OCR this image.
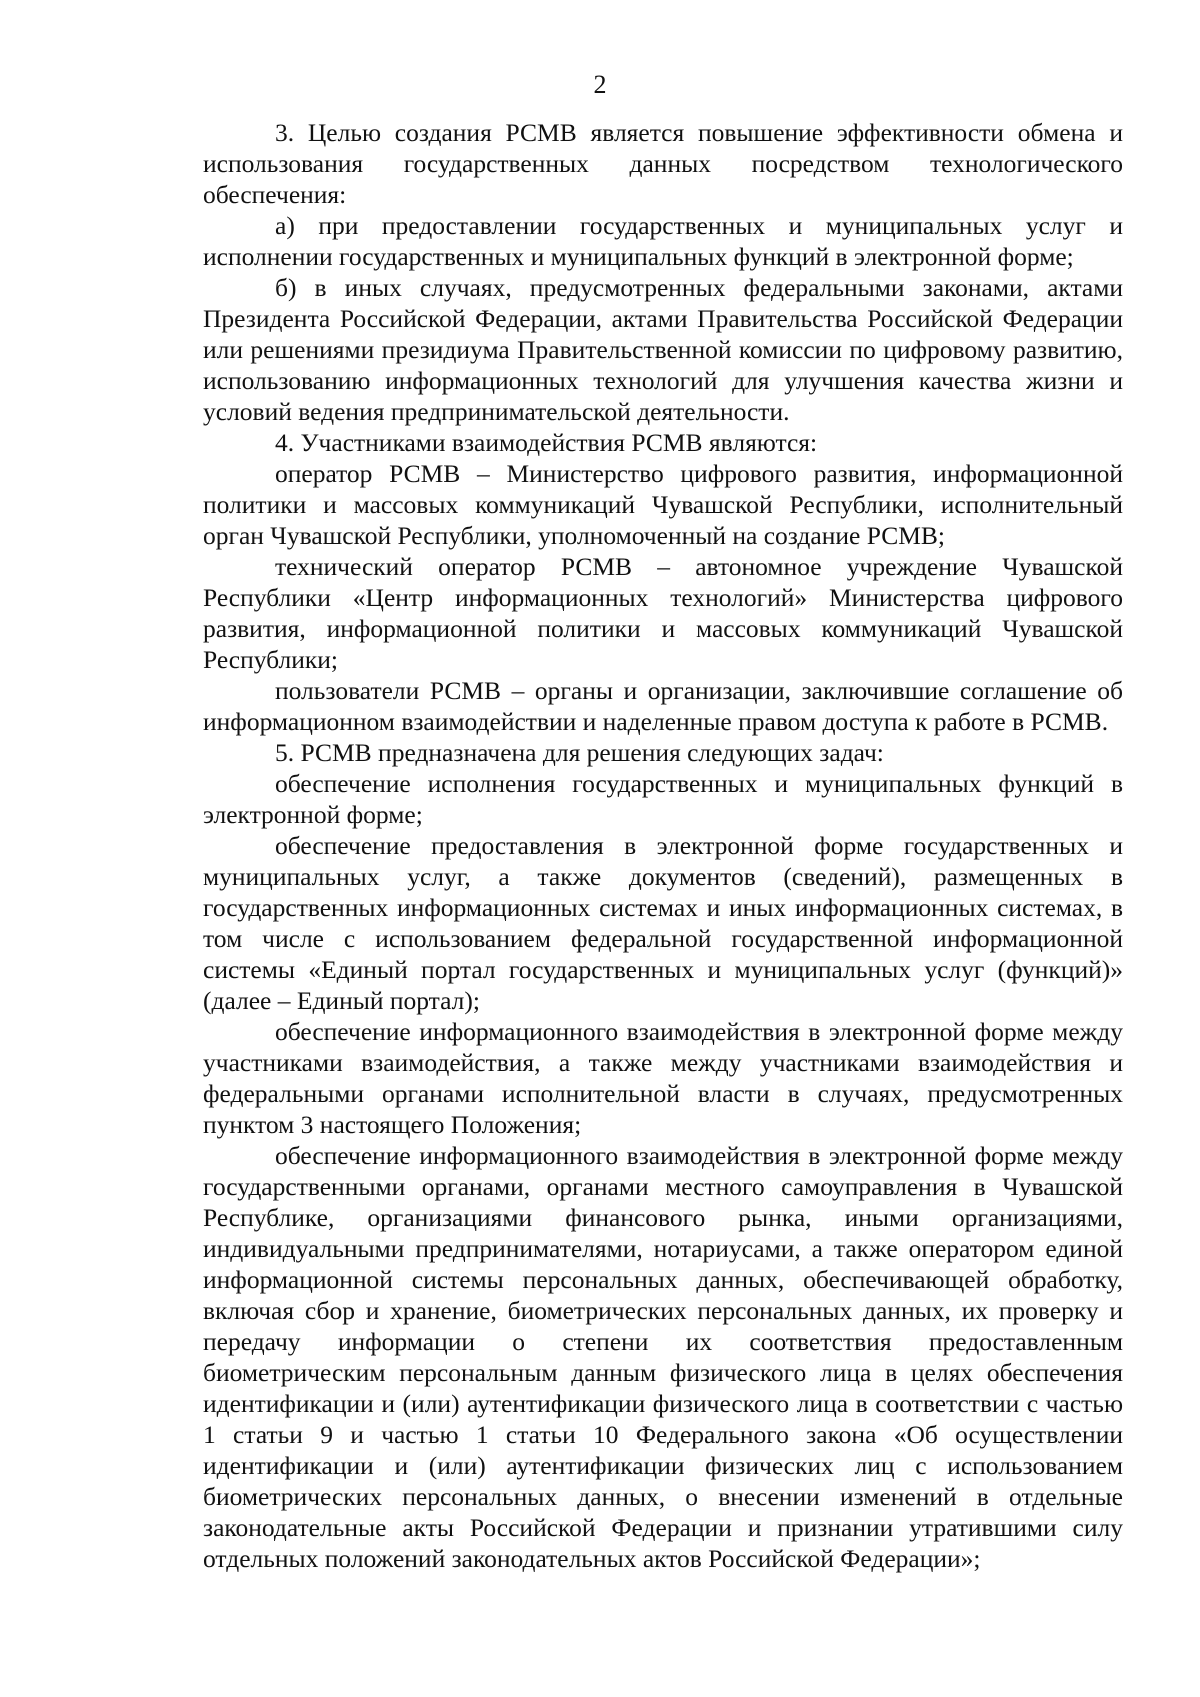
2

3. Целью создания РСМВ является повышение эффективности обмена и использования государственных данных посредством технологического обеспечения:

а) при предоставлении государственных и муниципальных услуг и исполнении государственных и муниципальных функций в электронной форме;

б) в иных случаях, предусмотренных федеральными законами, актами Президента Российской Федерации, актами Правительства Российской Федерации или решениями президиума Правительственной комиссии по цифровому развитию, использованию информационных технологий для улучшения качества жизни и условий ведения предпринимательской деятельности.

4. Участниками взаимодействия РСМВ являются:

оператор РСМВ – Министерство цифрового развития, информационной политики и массовых коммуникаций Чувашской Республики, исполнительный орган Чувашской Республики, уполномоченный на создание РСМВ;

технический оператор РСМВ – автономное учреждение Чувашской Республики «Центр информационных технологий» Министерства цифрового развития, информационной политики и массовых коммуникаций Чувашской Республики;

пользователи РСМВ – органы и организации, заключившие соглашение об информационном взаимодействии и наделенные правом доступа к работе в РСМВ.

5. РСМВ предназначена для решения следующих задач:

обеспечение исполнения государственных и муниципальных функций в электронной форме;

обеспечение предоставления в электронной форме государственных и муниципальных услуг, а также документов (сведений), размещенных в государственных информационных системах и иных информационных системах, в том числе с использованием федеральной государственной информационной системы «Единый портал государственных и муниципальных услуг (функций)» (далее – Единый портал);

обеспечение информационного взаимодействия в электронной форме между участниками взаимодействия, а также между участниками взаимодействия и федеральными органами исполнительной власти в случаях, предусмотренных пунктом 3 настоящего Положения;

обеспечение информационного взаимодействия в электронной форме между государственными органами, органами местного самоуправления в Чувашской Республике, организациями финансового рынка, иными организациями, индивидуальными предпринимателями, нотариусами, а также оператором единой информационной системы персональных данных, обеспечивающей обработку, включая сбор и хранение, биометрических персональных данных, их проверку и передачу информации о степени их соответствия предоставленным биометрическим персональным данным физического лица в целях обеспечения идентификации и (или) аутентификации физического лица в соответствии с частью 1 статьи 9 и частью 1 статьи 10 Федерального закона «Об осуществлении идентификации и (или) аутентификации физических лиц с использованием биометрических персональных данных, о внесении изменений в отдельные законодательные акты Российской Федерации и признании утратившими силу отдельных положений законодательных актов Российской Федерации»;
